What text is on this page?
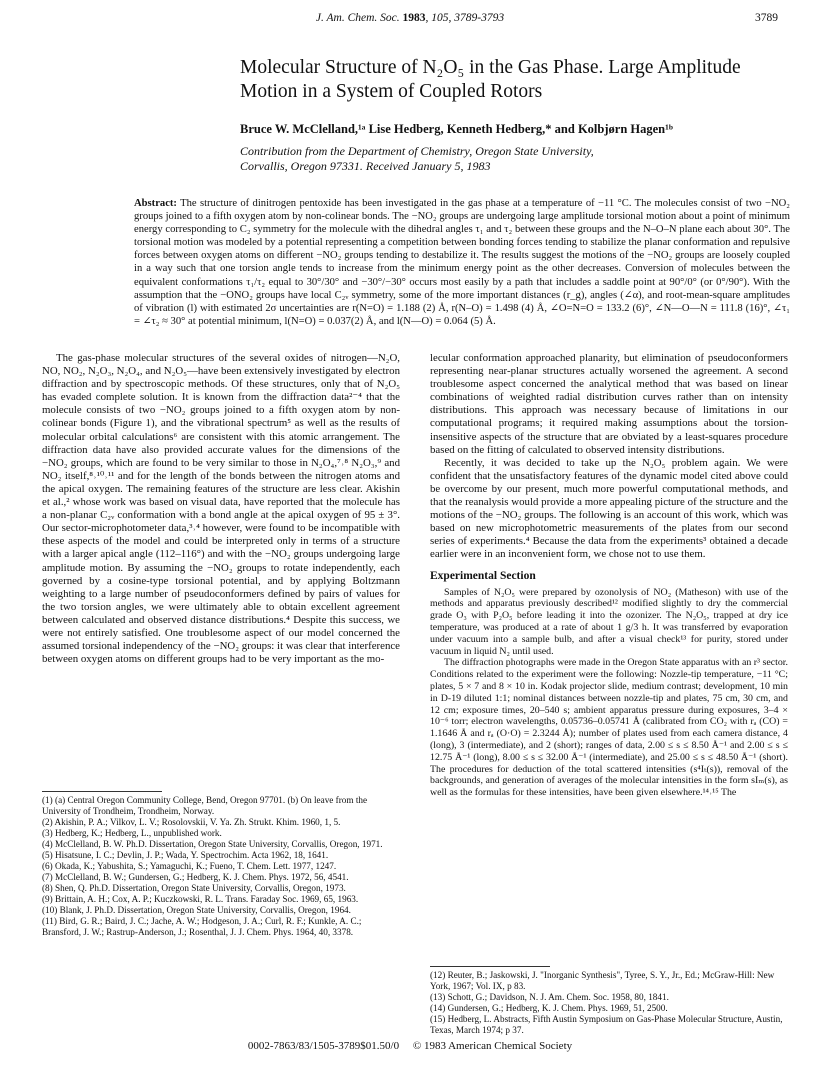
J. Am. Chem. Soc. 1983, 105, 3789-3793	3789
Molecular Structure of N₂O₅ in the Gas Phase. Large Amplitude Motion in a System of Coupled Rotors
Bruce W. McClelland,¹ᵃ Lise Hedberg, Kenneth Hedberg,* and Kolbjørn Hagen¹ᵇ
Contribution from the Department of Chemistry, Oregon State University,
Corvallis, Oregon 97331. Received January 5, 1983
Abstract: The structure of dinitrogen pentoxide has been investigated in the gas phase at a temperature of −11 °C. The molecules consist of two −NO₂ groups joined to a fifth oxygen atom by non-colinear bonds. The −NO₂ groups are undergoing large amplitude torsional motion about a point of minimum energy corresponding to C₂ symmetry for the molecule with the dihedral angles τ₁ and τ₂ between these groups and the N–O–N plane each about 30°. The torsional motion was modeled by a potential representing a competition between bonding forces tending to stabilize the planar conformation and repulsive forces between oxygen atoms on different −NO₂ groups tending to destabilize it. The results suggest the motions of the −NO₂ groups are loosely coupled in a way such that one torsion angle tends to increase from the minimum energy point as the other decreases. Conversion of molecules between the equivalent conformations τ₁/τ₂ equal to 30°/30° and −30°/−30° occurs most easily by a path that includes a saddle point at 90°/0° (or 0°/90°). With the assumption that the −ONO₂ groups have local C₂ᵥ symmetry, some of the more important distances (r_g), angles (∠α), and root-mean-square amplitudes of vibration (l) with estimated 2σ uncertainties are r(N=O) = 1.188 (2) Å, r(N–O) = 1.498 (4) Å, ∠O=N=O = 133.2 (6)°, ∠N—O—N = 111.8 (16)°, ∠τ₁ = ∠τ₂ ≈ 30° at potential minimum, l(N=O) = 0.037(2) Å, and l(N—O) = 0.064 (5) Å.

The gas-phase molecular structures of the several oxides of nitrogen—N₂O, NO, NO₂, N₂O₃, N₂O₄, and N₂O₅—have been extensively investigated by electron diffraction and by spectroscopic methods. Of these structures, only that of N₂O₅ has evaded complete solution. It is known from the diffraction data²⁻⁴ that the molecule consists of two −NO₂ groups joined to a fifth oxygen atom by non-colinear bonds (Figure 1), and the vibrational spectrum⁵ as well as the results of molecular orbital calculations⁶ are consistent with this atomic arrangement. The diffraction data have also provided accurate values for the dimensions of the −NO₂ groups, which are found to be very similar to those in N₂O₄,⁷˒⁸ N₂O₃,⁹ and NO₂ itself,⁸˒¹⁰˒¹¹ and for the length of the bonds between the nitrogen atoms and the apical oxygen. The remaining features of the structure are less clear. Akishin et al.,² whose work was based on visual data, have reported that the molecule has a non-planar C₂ᵥ conformation with a bond angle at the apical oxygen of 95 ± 3°. Our sector-microphotometer data,³˒⁴ however, were found to be incompatible with these aspects of the model and could be interpreted only in terms of a structure with a larger apical angle (112–116°) and with the −NO₂ groups undergoing large amplitude motion. By assuming the −NO₂ groups to rotate independently, each governed by a cosine-type torsional potential, and by applying Boltzmann weighting to a large number of pseudoconformers defined by pairs of values for the two torsion angles, we were ultimately able to obtain excellent agreement between calculated and observed distance distributions.⁴ Despite this success, we were not entirely satisfied. One troublesome aspect of our model concerned the assumed torsional independency of the −NO₂ groups: it was clear that interference between oxygen atoms on different groups had to be very important as the mo-

(1) (a) Central Oregon Community College, Bend, Oregon 97701. (b) On leave from the University of Trondheim, Trondheim, Norway.
(2) Akishin, P. A.; Vilkov, L. V.; Rosolovskii, V. Ya. Zh. Strukt. Khim. 1960, 1, 5.
(3) Hedberg, K.; Hedberg, L., unpublished work.
(4) McClelland, B. W. Ph.D. Dissertation, Oregon State University, Corvallis, Oregon, 1971.
(5) Hisatsune, I. C.; Devlin, J. P.; Wada, Y. Spectrochim. Acta 1962, 18, 1641.
(6) Okada, K.; Yabushita, S.; Yamaguchi, K.; Fueno, T. Chem. Lett. 1977, 1247.
(7) McClelland, B. W.; Gundersen, G.; Hedberg, K. J. Chem. Phys. 1972, 56, 4541.
(8) Shen, Q. Ph.D. Dissertation, Oregon State University, Corvallis, Oregon, 1973.
(9) Brittain, A. H.; Cox, A. P.; Kuczkowski, R. L. Trans. Faraday Soc. 1969, 65, 1963.
(10) Blank, J. Ph.D. Dissertation, Oregon State University, Corvallis, Oregon, 1964.
(11) Bird, G. R.; Baird, J. C.; Jache, A. W.; Hodgeson, J. A.; Curl, R. F.; Kunkle, A. C.; Bransford, J. W.; Rastrup-Anderson, J.; Rosenthal, J. J. Chem. Phys. 1964, 40, 3378.

lecular conformation approached planarity, but elimination of pseudoconformers representing near-planar structures actually worsened the agreement. A second troublesome aspect concerned the analytical method that was based on linear combinations of weighted radial distribution curves rather than on intensity distributions. This approach was necessary because of limitations in our computational programs; it required making assumptions about the torsion-insensitive aspects of the structure that are obviated by a least-squares procedure based on the fitting of calculated to observed intensity distributions.

Recently, it was decided to take up the N₂O₅ problem again. We were confident that the unsatisfactory features of the dynamic model cited above could be overcome by our present, much more powerful computational methods, and that the reanalysis would provide a more appealing picture of the structure and the motions of the −NO₂ groups. The following is an account of this work, which was based on new microphotometric measurements of the plates from our second series of experiments.⁴ Because the data from the experiments³ obtained a decade earlier were in an inconvenient form, we chose not to use them.

Experimental Section

Samples of N₂O₅ were prepared by ozonolysis of NO₂ (Matheson) with use of the methods and apparatus previously described¹² modified slightly to dry the commercial grade O₃ with P₂O₅ before leading it into the ozonizer. The N₂O₅, trapped at dry ice temperature, was produced at a rate of about 1 g/3 h. It was transferred by evaporation under vacuum into a sample bulb, and after a visual check¹³ for purity, stored under vacuum in liquid N₂ until used.

The diffraction photographs were made in the Oregon State apparatus with an r³ sector. Conditions related to the experiment were the following: Nozzle-tip temperature, −11 °C; plates, 5 × 7 and 8 × 10 in. Kodak projector slide, medium contrast; development, 10 min in D-19 diluted 1:1; nominal distances between nozzle-tip and plates, 75 cm, 30 cm, and 12 cm; exposure times, 20–540 s; ambient apparatus pressure during exposures, 3–4 × 10⁻⁶ torr; electron wavelengths, 0.05736–0.05741 Å (calibrated from CO₂ with rₐ (CO) = 1.1646 Å and rₐ (O·O) = 2.3244 Å); number of plates used from each camera distance, 4 (long), 3 (intermediate), and 2 (short); ranges of data, 2.00 ≤ s ≤ 8.50 Å⁻¹ and 2.00 ≤ s ≤ 12.75 Å⁻¹ (long), 8.00 ≤ s ≤ 32.00 Å⁻¹ (intermediate), and 25.00 ≤ s ≤ 48.50 Å⁻¹ (short). The procedures for deduction of the total scattered intensities (s⁴Iₜ(s)), removal of the backgrounds, and generation of averages of the molecular intensities in the form sIₘ(s), as well as the formulas for these intensities, have been given elsewhere.¹⁴˒¹⁵ The

(12) Reuter, B.; Jaskowski, J. "Inorganic Synthesis", Tyree, S. Y., Jr., Ed.; McGraw-Hill: New York, 1967; Vol. IX, p 83.
(13) Schott, G.; Davidson, N. J. Am. Chem. Soc. 1958, 80, 1841.
(14) Gundersen, G.; Hedberg, K. J. Chem. Phys. 1969, 51, 2500.
(15) Hedberg, L. Abstracts, Fifth Austin Symposium on Gas-Phase Molecular Structure, Austin, Texas, March 1974; p 37.
0002-7863/83/1505-3789$01.50/0 © 1983 American Chemical Society
